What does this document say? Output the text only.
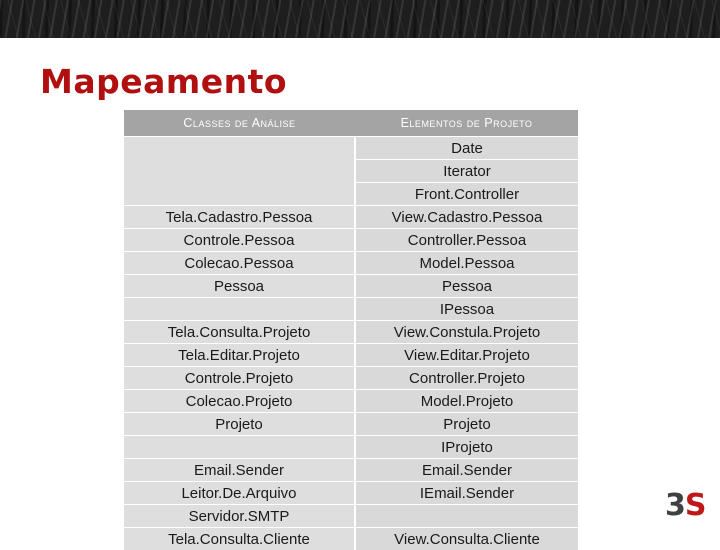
Mapeamento
Classes de Análise	Elementos de Projeto
	Date
	Iterator
	Front.Controller
Tela.Cadastro.Pessoa	View.Cadastro.Pessoa
Controle.Pessoa	Controller.Pessoa
Colecao.Pessoa	Model.Pessoa
Pessoa	Pessoa
	IPessoa
Tela.Consulta.Projeto	View.Constula.Projeto
Tela.Editar.Projeto	View.Editar.Projeto
Controle.Projeto	Controller.Projeto
Colecao.Projeto	Model.Projeto
Projeto	Projeto
	IProjeto
Email.Sender	Email.Sender
Leitor.De.Arquivo	IEmail.Sender
Servidor.SMTP	
Tela.Consulta.Cliente	View.Consulta.Cliente
3S
